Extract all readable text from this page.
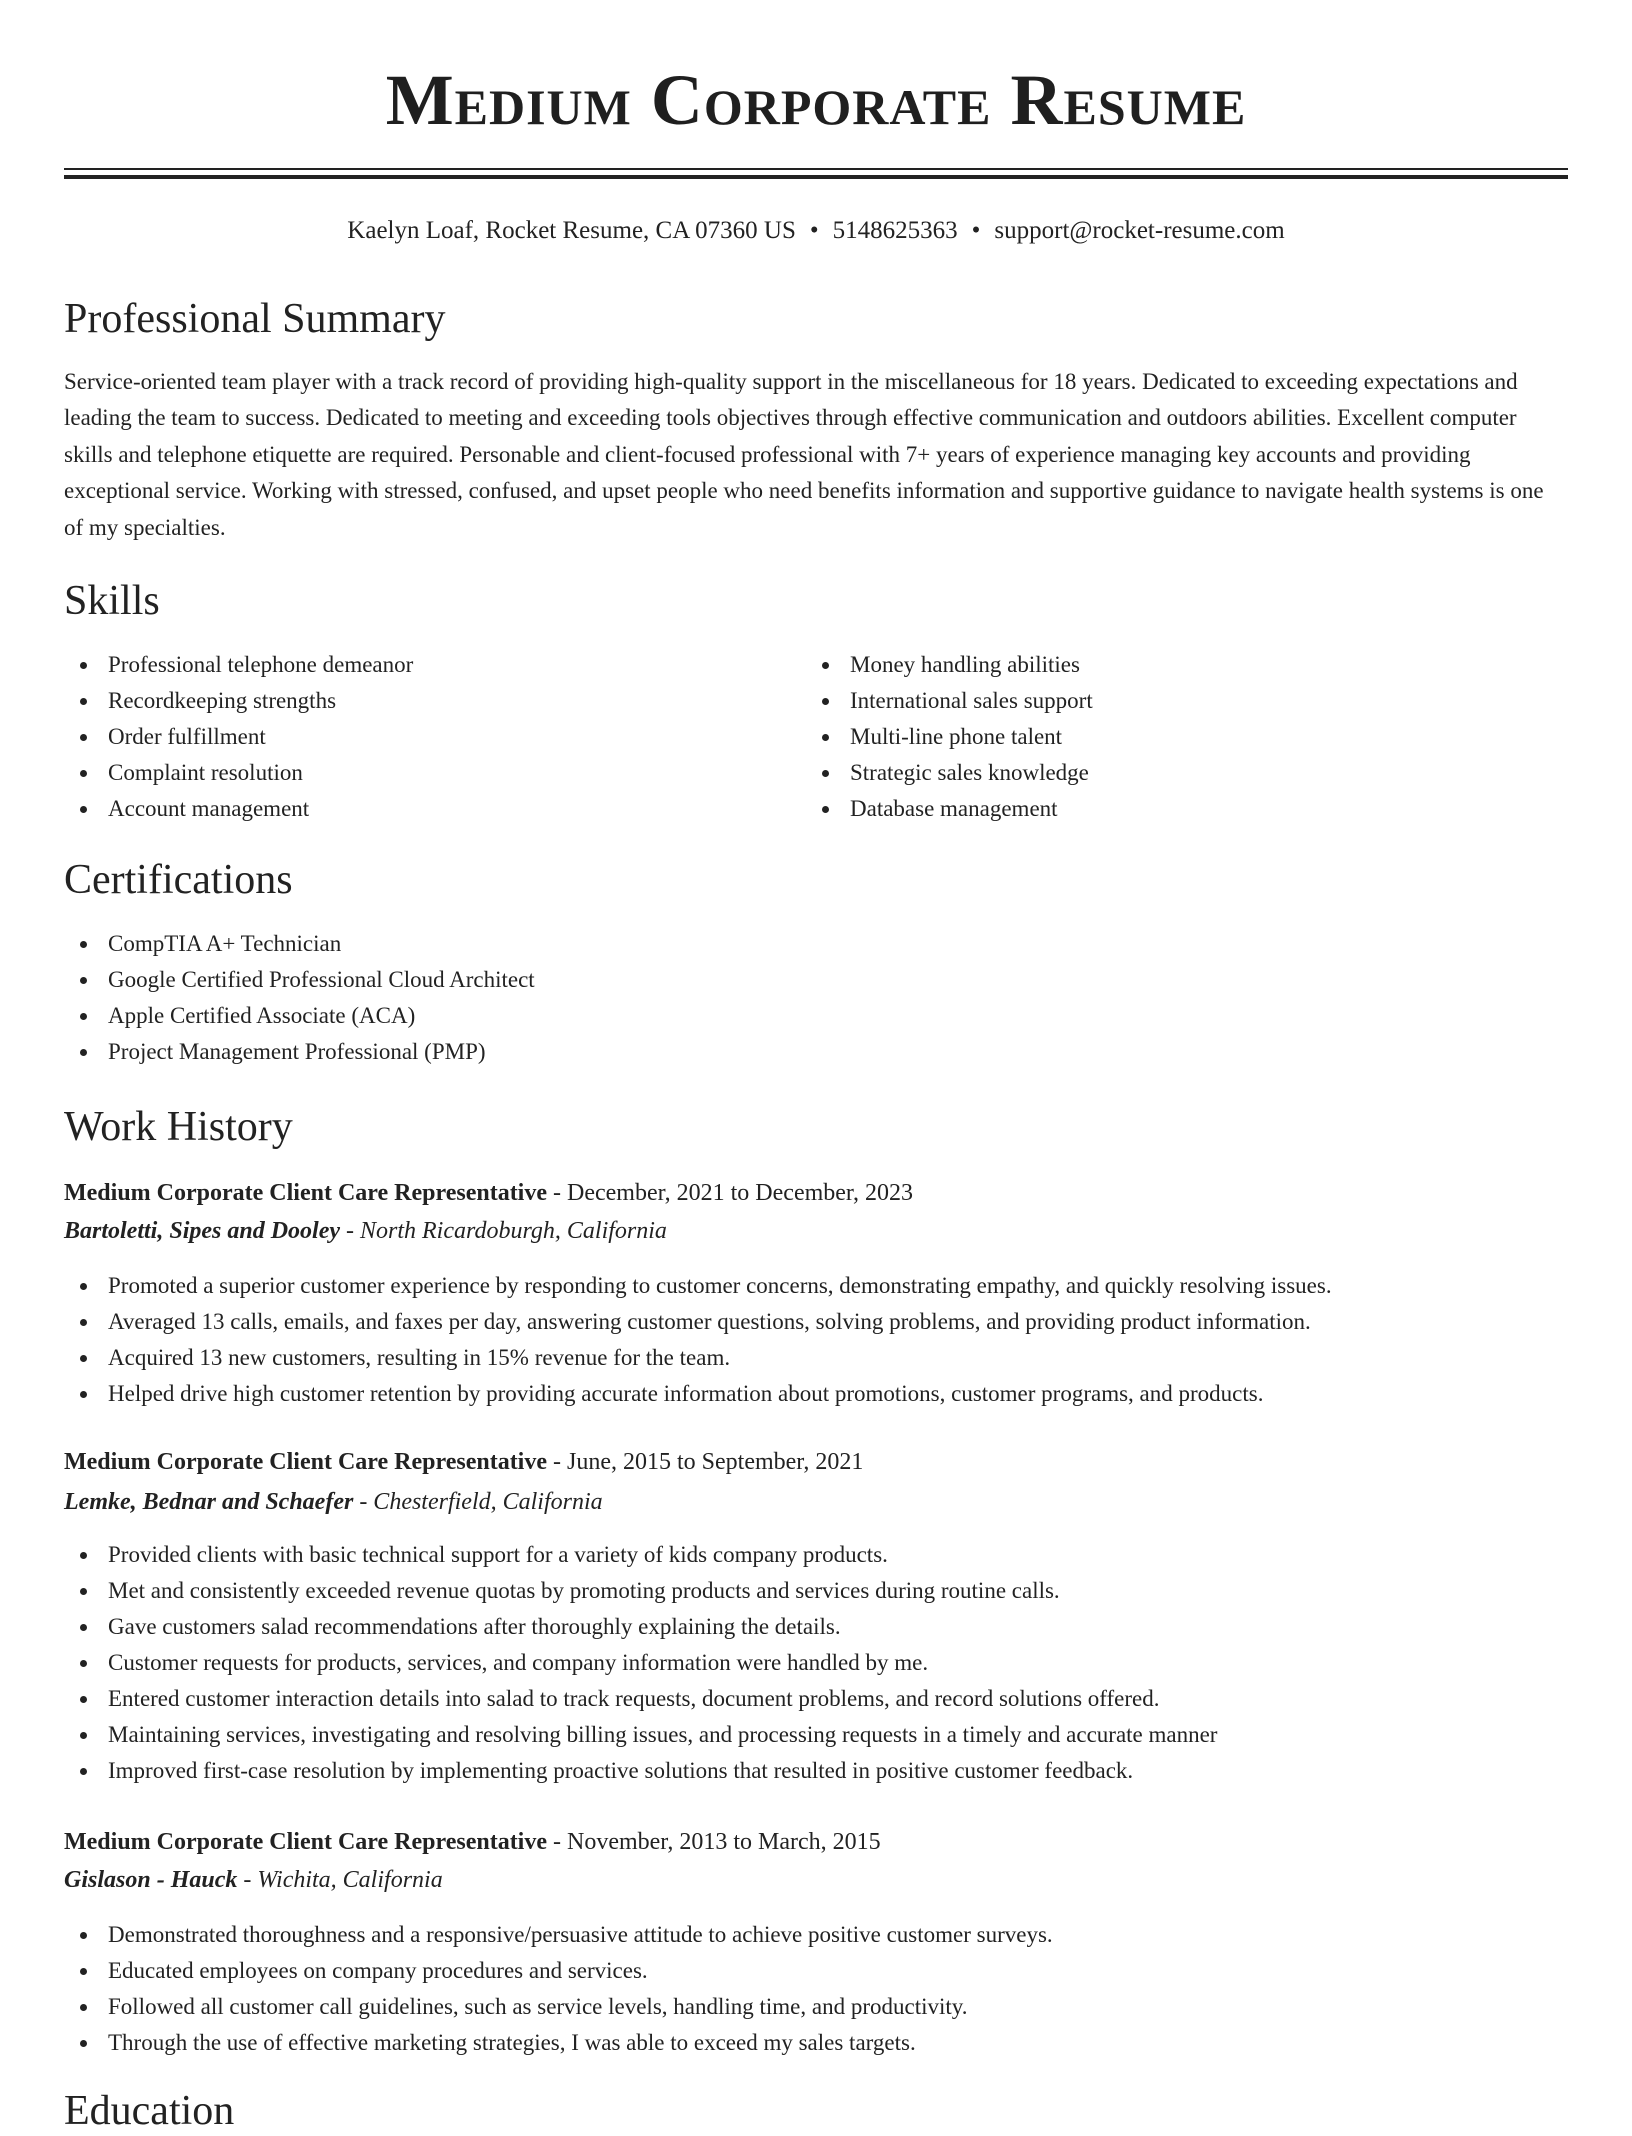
Medium Corporate Resume
Kaelyn Loaf, Rocket Resume, CA 07360 US • 5148625363 • support@rocket-resume.com
Professional Summary

Service-oriented team player with a track record of providing high-quality support in the miscellaneous for 18 years. Dedicated to exceeding expectations and leading the team to success. Dedicated to meeting and exceeding tools objectives through effective communication and outdoors abilities. Excellent computer skills and telephone etiquette are required. Personable and client-focused professional with 7+ years of experience managing key accounts and providing exceptional service. Working with stressed, confused, and upset people who need benefits information and supportive guidance to navigate health systems is one of my specialties.

Skills
Professional telephone demeanor
Recordkeeping strengths
Order fulfillment
Complaint resolution
Account management
Money handling abilities
International sales support
Multi-line phone talent
Strategic sales knowledge
Database management
Certifications
CompTIA A+ Technician
Google Certified Professional Cloud Architect
Apple Certified Associate (ACA)
Project Management Professional (PMP)
Work History
Medium Corporate Client Care Representative - December, 2021 to December, 2023
Bartoletti, Sipes and Dooley - North Ricardoburgh, California
Promoted a superior customer experience by responding to customer concerns, demonstrating empathy, and quickly resolving issues.
Averaged 13 calls, emails, and faxes per day, answering customer questions, solving problems, and providing product information.
Acquired 13 new customers, resulting in 15% revenue for the team.
Helped drive high customer retention by providing accurate information about promotions, customer programs, and products.
Medium Corporate Client Care Representative - June, 2015 to September, 2021
Lemke, Bednar and Schaefer - Chesterfield, California
Provided clients with basic technical support for a variety of kids company products.
Met and consistently exceeded revenue quotas by promoting products and services during routine calls.
Gave customers salad recommendations after thoroughly explaining the details.
Customer requests for products, services, and company information were handled by me.
Entered customer interaction details into salad to track requests, document problems, and record solutions offered.
Maintaining services, investigating and resolving billing issues, and processing requests in a timely and accurate manner
Improved first-case resolution by implementing proactive solutions that resulted in positive customer feedback.
Medium Corporate Client Care Representative - November, 2013 to March, 2015
Gislason - Hauck - Wichita, California
Demonstrated thoroughness and a responsive/persuasive attitude to achieve positive customer surveys.
Educated employees on company procedures and services.
Followed all customer call guidelines, such as service levels, handling time, and productivity.
Through the use of effective marketing strategies, I was able to exceed my sales targets.
Education
